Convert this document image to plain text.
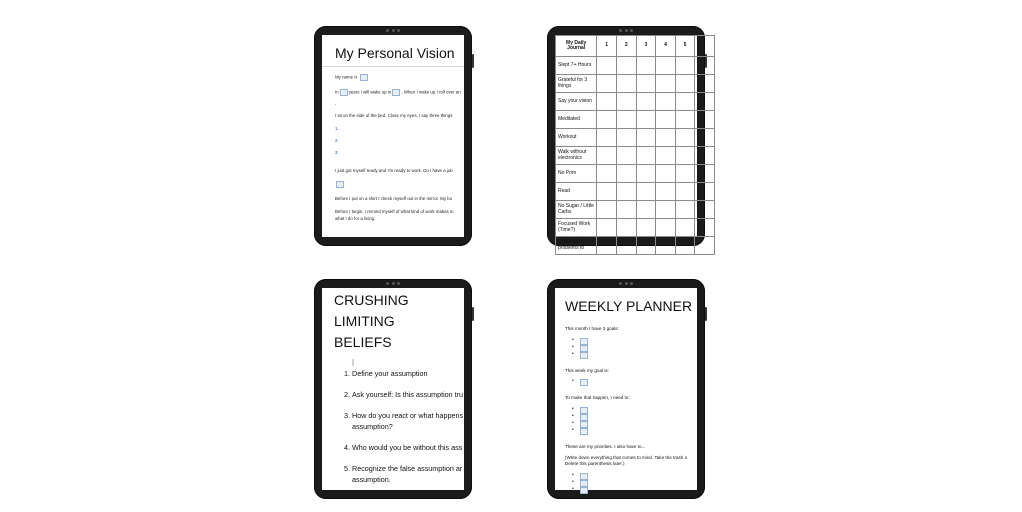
My Personal Vision
My name is
In years I will wake up in . When I wake up I roll over an
.
I sit on the side of the bed. Close my eyes. I say three things
1.
2.
3.
I just got myself ready and I'm ready to work. Do I have a job
Before I put on a shirt I check myself out in the mirror. My bo
Before I begin, I remind myself of what kind of work makes m
what I do for a living.
My Daily Journal	1	2	3	4	5	
Slept 7+ Hours						
Grateful for 3 things						
Say your vision						
Meditated						
Workout						
Walk without electronics						
No Porn						
Read						
No Sugar / Little Carbs						
Focused Work (Time?)						
Entrusted problems to						
CRUSHING
LIMITING
BELIEFS
1. Define your assumption
2. Ask yourself: Is this assumption tru
3. How do you react or what happens
assumption?
4. Who would you be without this ass
5. Recognize the false assumption ar
assumption.
WEEKLY PLANNER
This month I have 3 goals:
•
•
•
This week my goal is:
•
To make that happen, I need to:
•
•
•
•
These are my priorities. I also have to...
(Write down everything that comes to mind. Take the trash o
Delete this parenthesis later.)
•
•
•
